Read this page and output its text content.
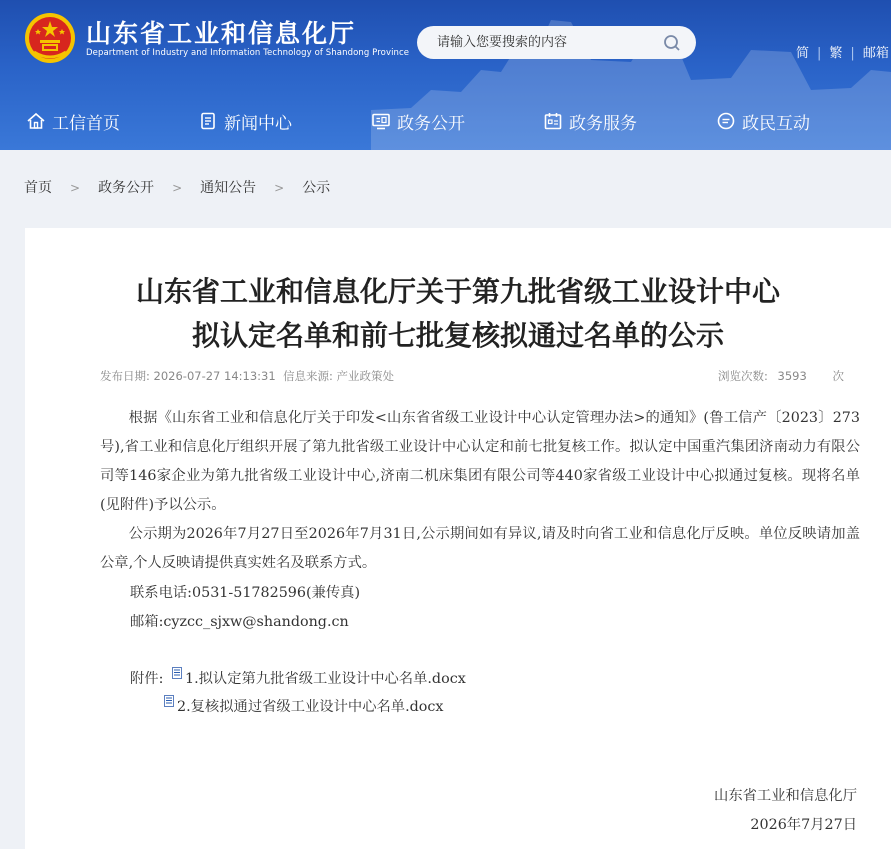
山东省工业和信息化厅
Department of Industry and Information Technology of Shandong Province
请输入您要搜索的内容	简 | 繁 | 邮箱
工信首页	新闻中心	政务公开	政务服务	政民互动
首页 > 政务公开 > 通知公告 > 公示
山东省工业和信息化厅关于第九批省级工业设计中心
拟认定名单和前七批复核拟通过名单的公示
发布日期: 2026-07-27 14:13:31 信息来源: 产业政策处	浏览次数: 3593 次

根据《山东省工业和信息化厅关于印发<山东省省级工业设计中心认定管理办法>的通知》(鲁工信产〔2023〕273号),省工业和信息化厅组织开展了第九批省级工业设计中心认定和前七批复核工作。拟认定中国重汽集团济南动力有限公司等146家企业为第九批省级工业设计中心,济南二机床集团有限公司等440家省级工业设计中心拟通过复核。现将名单(见附件)予以公示。

公示期为2026年7月27日至2026年7月31日,公示期间如有异议,请及时向省工业和信息化厅反映。单位反映请加盖公章,个人反映请提供真实姓名及联系方式。

联系电话:0531-51782596(兼传真)
邮箱:cyzcc_sjxw@shandong.cn
附件: 1.拟认定第九批省级工业设计中心名单.docx
2.复核拟通过省级工业设计中心名单.docx
山东省工业和信息化厅
2026年7月27日
